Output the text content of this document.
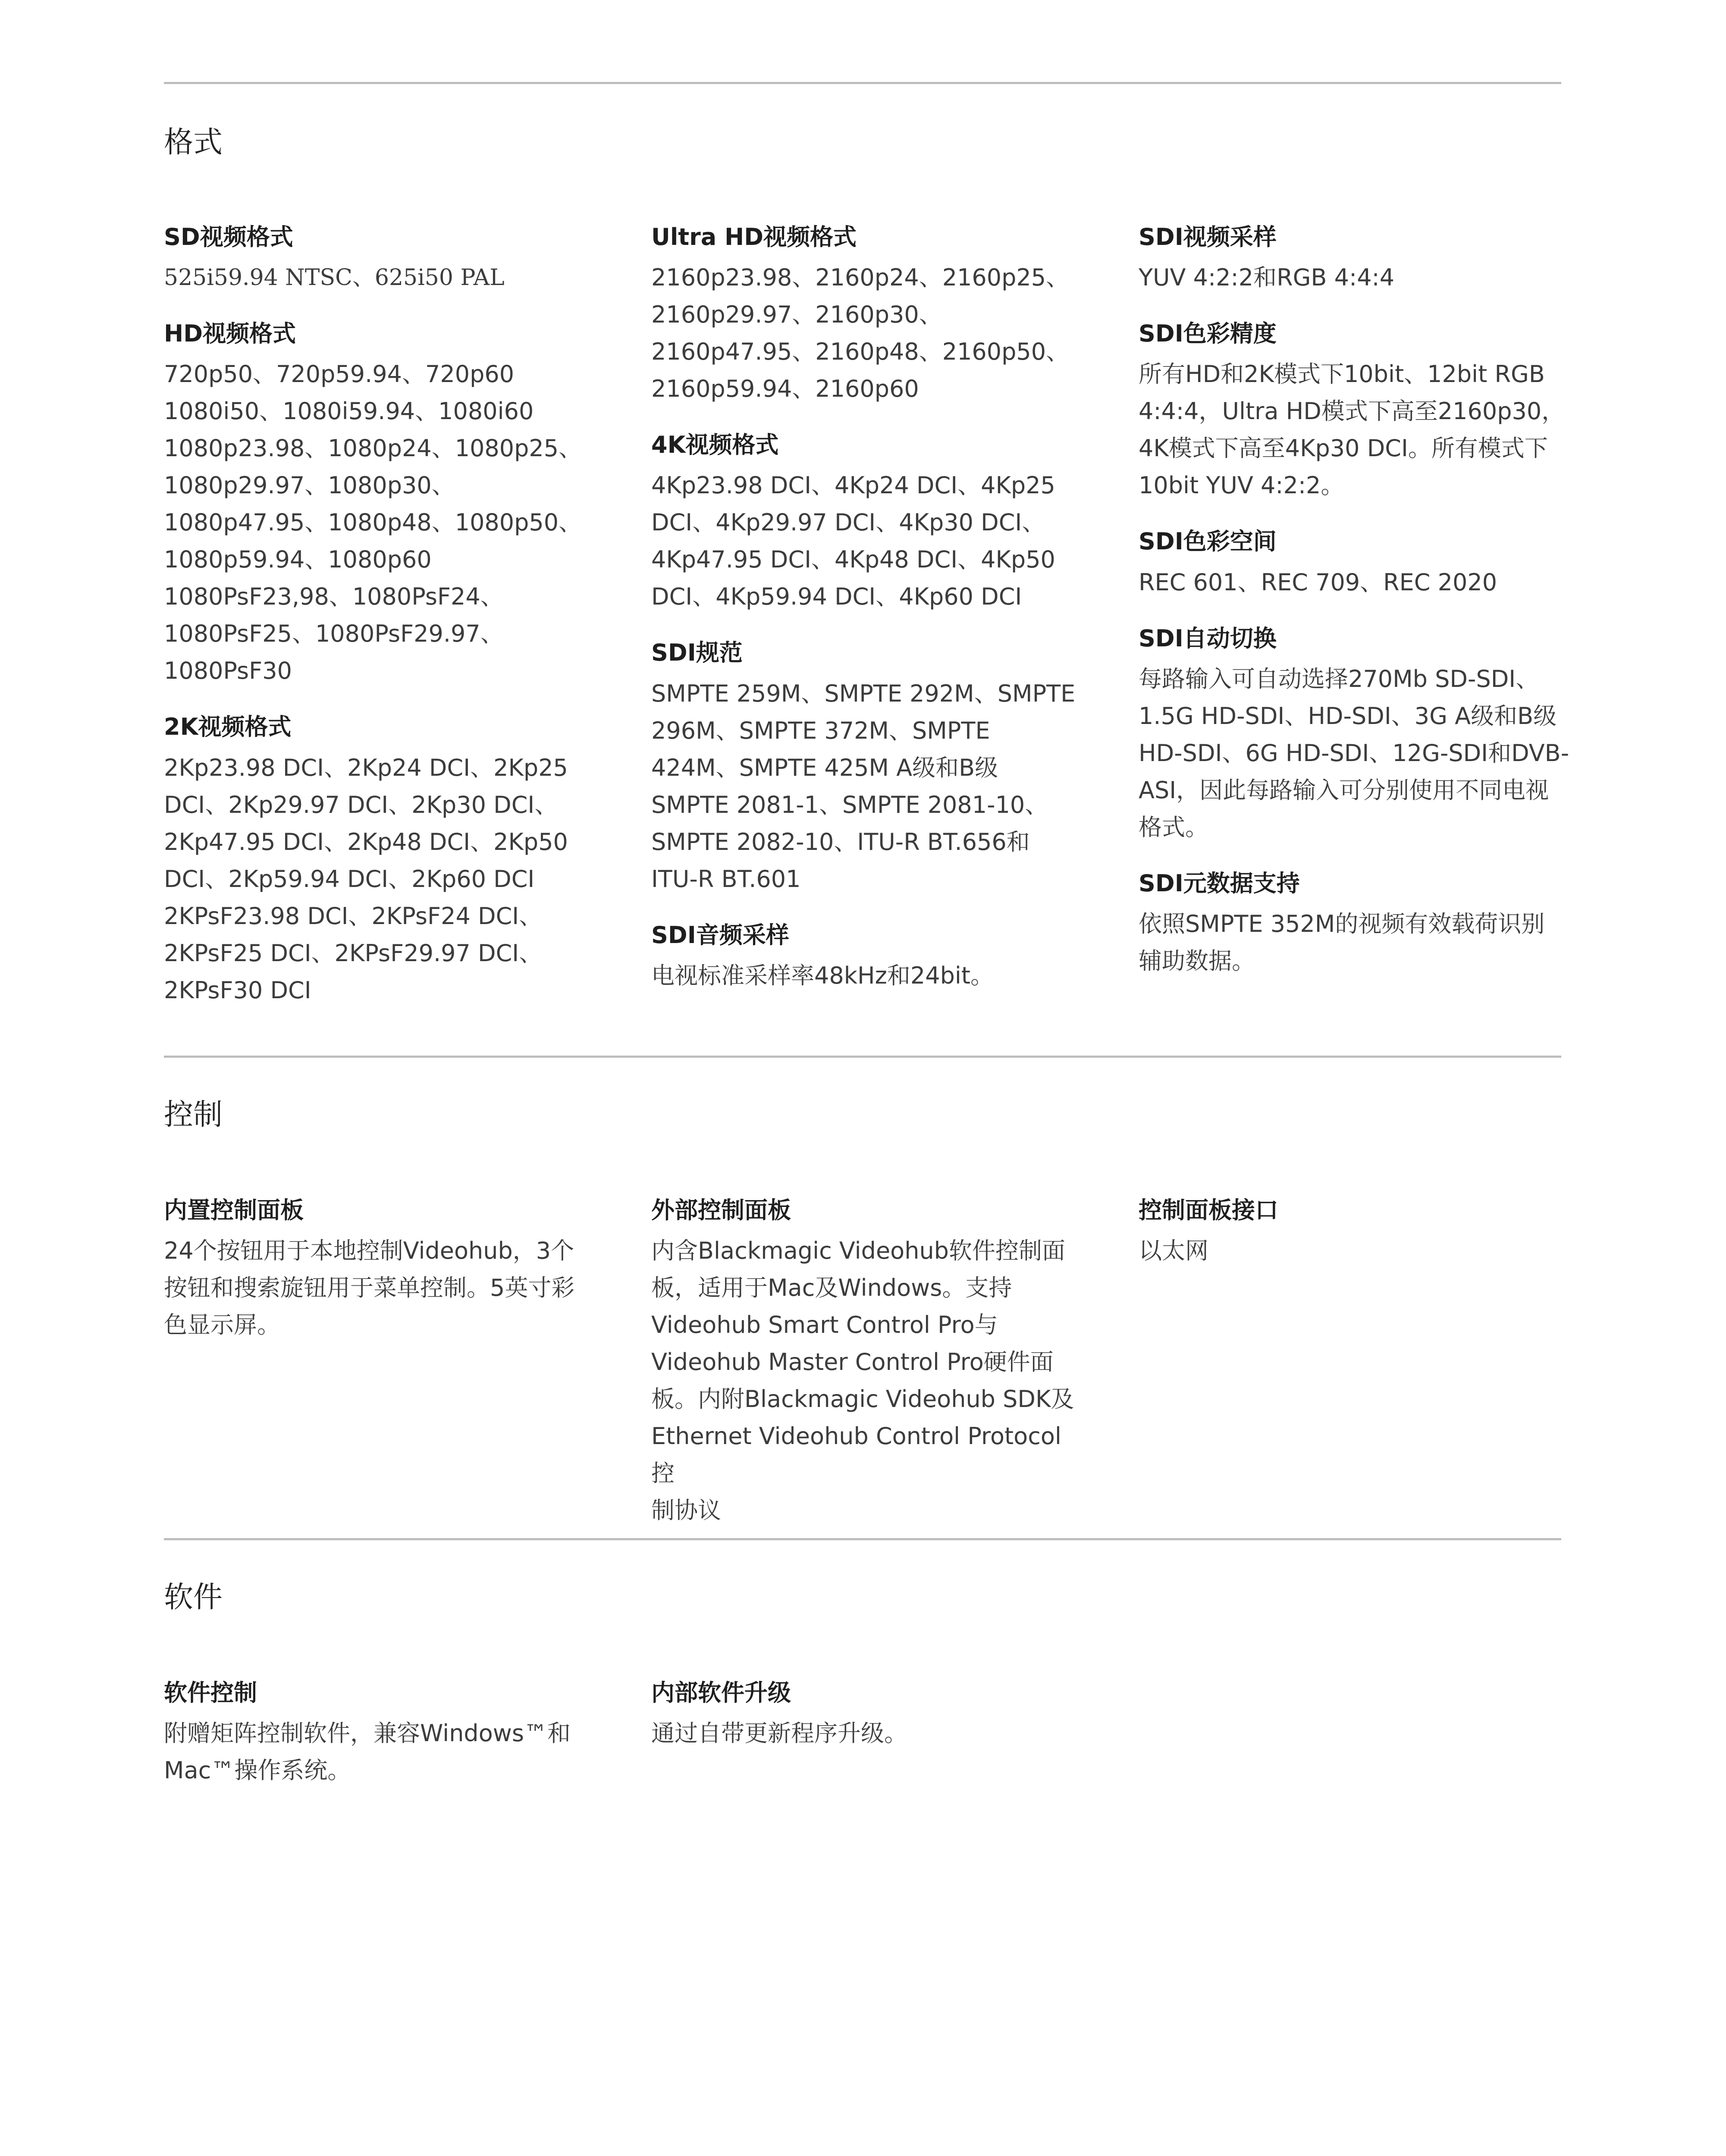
格式
SD视频格式
525i59.94 NTSC、625i50 PAL
HD视频格式
720p50、720p59.94、720p60
1080i50、1080i59.94、1080i60
1080p23.98、1080p24、1080p25、
1080p29.97、1080p30、
1080p47.95、1080p48、1080p50、
1080p59.94、1080p60
1080PsF23,98、1080PsF24、
1080PsF25、1080PsF29.97、
1080PsF30
2K视频格式
2Kp23.98 DCI、2Kp24 DCI、2Kp25
DCI、2Kp29.97 DCI、2Kp30 DCI、
2Kp47.95 DCI、2Kp48 DCI、2Kp50
DCI、2Kp59.94 DCI、2Kp60 DCI
2KPsF23.98 DCI、2KPsF24 DCI、
2KPsF25 DCI、2KPsF29.97 DCI、
2KPsF30 DCI
Ultra HD视频格式
2160p23.98、2160p24、2160p25、
2160p29.97、2160p30、
2160p47.95、2160p48、2160p50、
2160p59.94、2160p60
4K视频格式
4Kp23.98 DCI、4Kp24 DCI、4Kp25
DCI、4Kp29.97 DCI、4Kp30 DCI、
4Kp47.95 DCI、4Kp48 DCI、4Kp50
DCI、4Kp59.94 DCI、4Kp60 DCI
SDI规范
SMPTE 259M、SMPTE 292M、SMPTE
296M、SMPTE 372M、SMPTE
424M、SMPTE 425M A级和B级
SMPTE 2081-1、SMPTE 2081-10、
SMPTE 2082-10、ITU-R BT.656和
ITU-R BT.601
SDI音频采样
电视标准采样率48kHz和24bit。
SDI视频采样
YUV 4:2:2和RGB 4:4:4
SDI色彩精度
所有HD和2K模式下10bit、12bit RGB
4:4:4，Ultra HD模式下高至2160p30，
4K模式下高至4Kp30 DCI。所有模式下
10bit YUV 4:2:2。
SDI色彩空间
REC 601、REC 709、REC 2020
SDI自动切换
每路输入可自动选择270Mb SD-SDI、
1.5G HD-SDI、HD-SDI、3G A级和B级
HD-SDI、6G HD-SDI、12G-SDI和DVB-
ASI，因此每路输入可分别使用不同电视
格式。
SDI元数据支持
依照SMPTE 352M的视频有效载荷识别
辅助数据。
控制
内置控制面板
24个按钮用于本地控制Videohub，3个
按钮和搜索旋钮用于菜单控制。5英寸彩
色显示屏。
外部控制面板
内含Blackmagic Videohub软件控制面
板，适用于Mac及Windows。支持
Videohub Smart Control Pro与
Videohub Master Control Pro硬件面
板。内附Blackmagic Videohub SDK及
Ethernet Videohub Control Protocol控
制协议
控制面板接口
以太网
软件
软件控制
附赠矩阵控制软件，兼容Windows™和
Mac™操作系统。
内部软件升级
通过自带更新程序升级。
